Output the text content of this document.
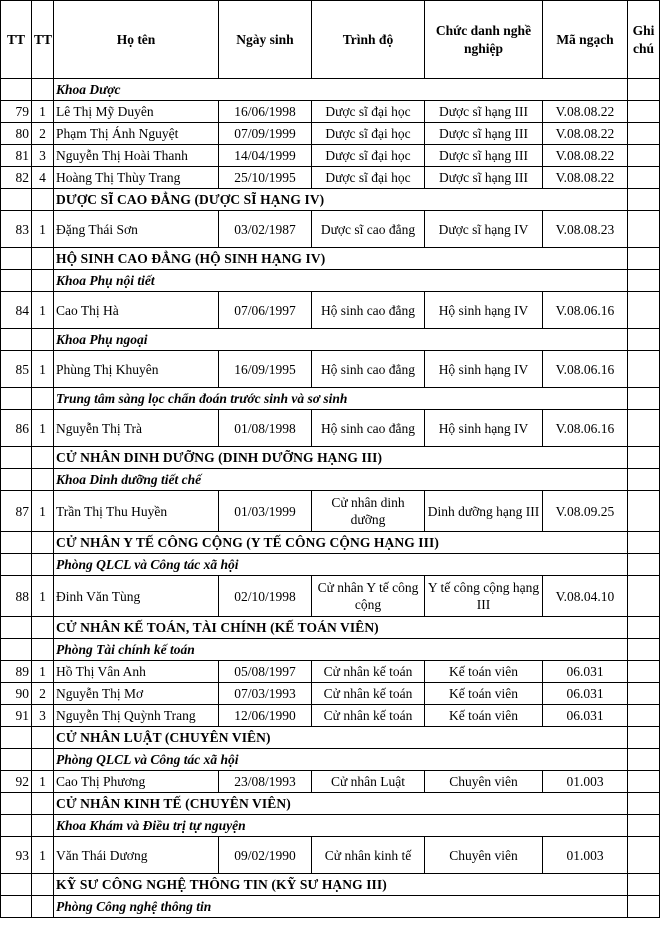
TT	TT	Họ tên	Ngày sinh	Trình độ	Chức danh nghề nghiệp	Mã ngạch	Ghi chú
		Khoa Dược					
79	1	Lê Thị Mỹ Duyên	16/06/1998	Dược sĩ đại học	Dược sĩ hạng III	V.08.08.22	
80	2	Phạm Thị Ánh Nguyệt	07/09/1999	Dược sĩ đại học	Dược sĩ hạng III	V.08.08.22	
81	3	Nguyễn Thị Hoài Thanh	14/04/1999	Dược sĩ đại học	Dược sĩ hạng III	V.08.08.22	
82	4	Hoàng Thị Thùy Trang	25/10/1995	Dược sĩ đại học	Dược sĩ hạng III	V.08.08.22	
		DƯỢC SĨ CAO ĐẲNG (DƯỢC SĨ HẠNG IV)					
83	1	Đặng Thái Sơn	03/02/1987	Dược sĩ cao đẳng	Dược sĩ hạng IV	V.08.08.23	
		HỘ SINH CAO ĐẲNG (HỘ SINH HẠNG IV)					
		Khoa Phụ nội tiết					
84	1	Cao Thị Hà	07/06/1997	Hộ sinh cao đẳng	Hộ sinh hạng IV	V.08.06.16	
		Khoa Phụ ngoại					
85	1	Phùng Thị Khuyên	16/09/1995	Hộ sinh cao đẳng	Hộ sinh hạng IV	V.08.06.16	
		Trung tâm sàng lọc chẩn đoán trước sinh và sơ sinh					
86	1	Nguyễn Thị Trà	01/08/1998	Hộ sinh cao đẳng	Hộ sinh hạng IV	V.08.06.16	
		CỬ NHÂN DINH DƯỠNG (DINH DƯỠNG HẠNG III)					
		Khoa Dinh dưỡng tiết chế					
87	1	Trần Thị Thu Huyền	01/03/1999	Cử nhân dinh dưỡng	Dinh dưỡng hạng III	V.08.09.25	
		CỬ NHÂN Y TẾ CÔNG CỘNG (Y TẾ CÔNG CỘNG HẠNG III)					
		Phòng QLCL và Công tác xã hội					
88	1	Đinh Văn Tùng	02/10/1998	Cử nhân Y tế công cộng	Y tế công cộng hạng III	V.08.04.10	
		CỬ NHÂN KẾ TOÁN, TÀI CHÍNH (KẾ TOÁN VIÊN)					
		Phòng Tài chính kế toán					
89	1	Hồ Thị Vân Anh	05/08/1997	Cử nhân kế toán	Kế toán viên	06.031	
90	2	Nguyễn Thị Mơ	07/03/1993	Cử nhân kế toán	Kế toán viên	06.031	
91	3	Nguyễn Thị Quỳnh Trang	12/06/1990	Cử nhân kế toán	Kế toán viên	06.031	
		CỬ NHÂN LUẬT (CHUYÊN VIÊN)					
		Phòng QLCL và Công tác xã hội					
92	1	Cao Thị Phương	23/08/1993	Cử nhân Luật	Chuyên viên	01.003	
		CỬ NHÂN KINH TẾ (CHUYÊN VIÊN)					
		Khoa Khám và Điều trị tự nguyện					
93	1	Văn Thái Dương	09/02/1990	Cử nhân kinh tế	Chuyên viên	01.003	
		KỸ SƯ CÔNG NGHỆ THÔNG TIN (KỸ SƯ HẠNG III)					
		Phòng Công nghệ thông tin					
